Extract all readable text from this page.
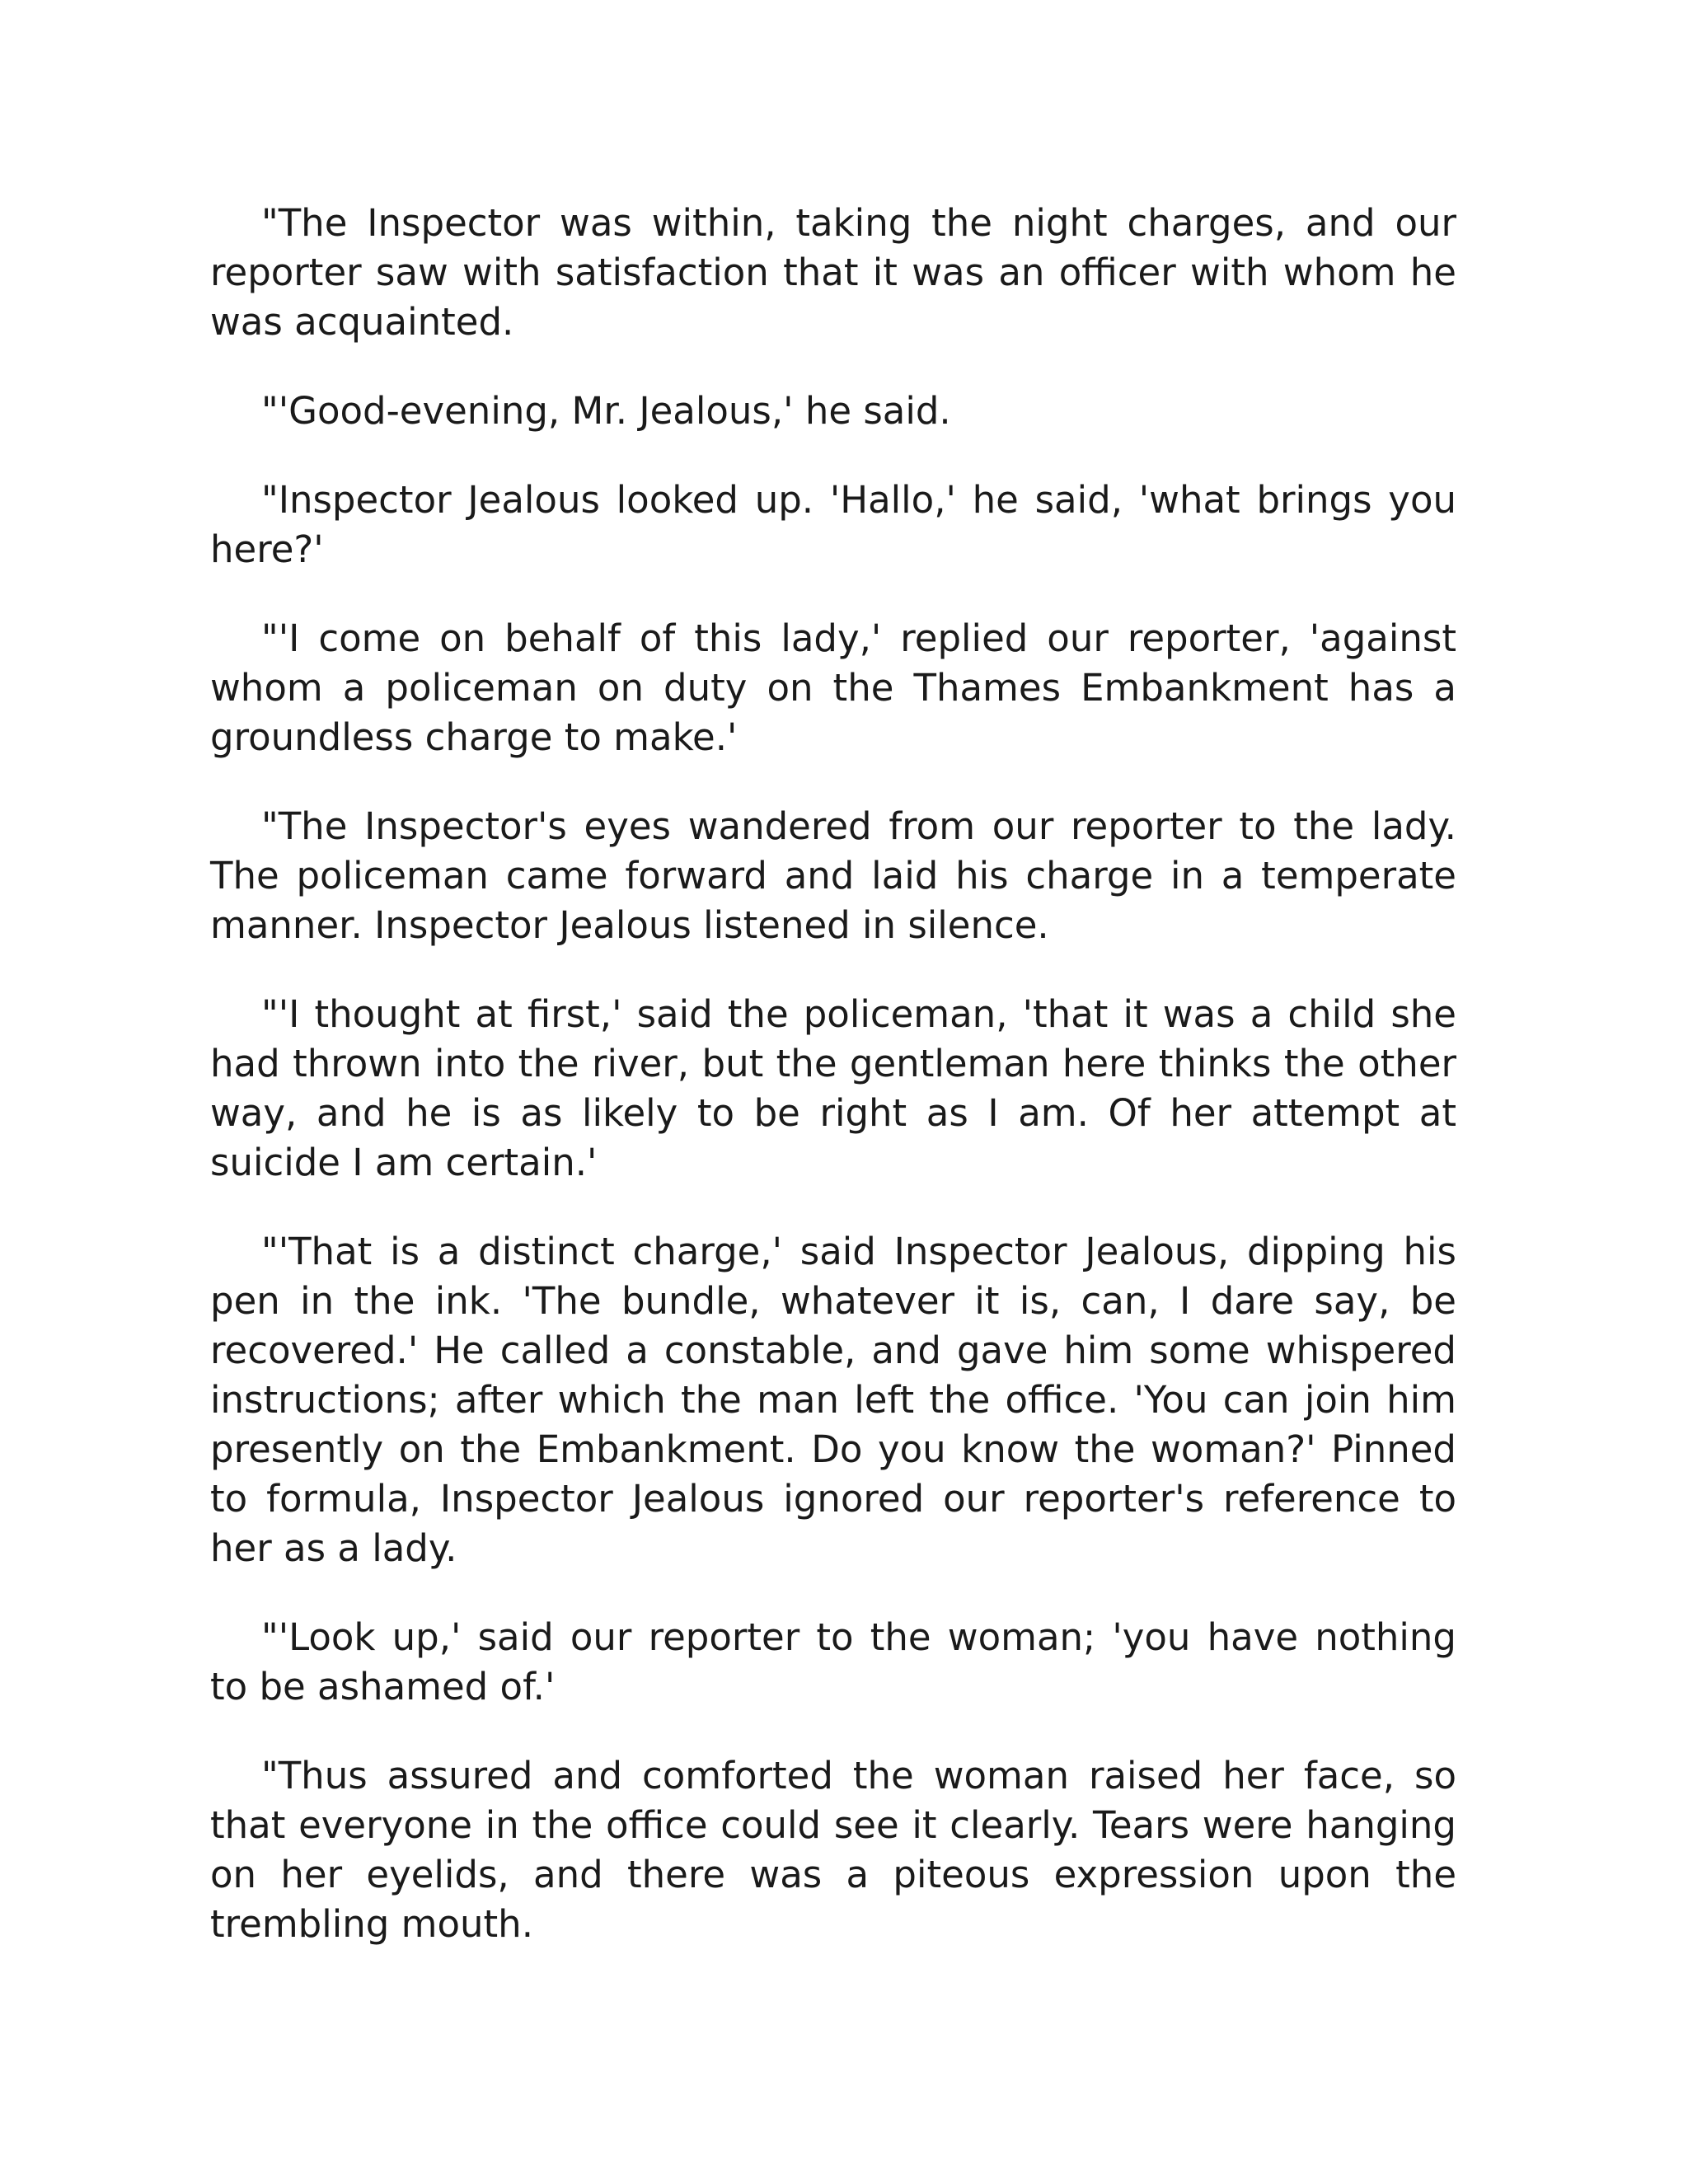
"The Inspector was within, taking the night charges, and our reporter saw with satisfaction that it was an officer with whom he was acquainted.

"'Good-evening, Mr. Jealous,' he said.

"Inspector Jealous looked up. 'Hallo,' he said, 'what brings you here?'

"'I come on behalf of this lady,' replied our reporter, 'against whom a policeman on duty on the Thames Embankment has a groundless charge to make.'

"The Inspector's eyes wandered from our reporter to the lady. The policeman came forward and laid his charge in a temperate manner. Inspector Jealous listened in silence.

"'I thought at first,' said the policeman, 'that it was a child she had thrown into the river, but the gentleman here thinks the other way, and he is as likely to be right as I am. Of her attempt at suicide I am certain.'

"'That is a distinct charge,' said Inspector Jealous, dipping his pen in the ink. 'The bundle, whatever it is, can, I dare say, be recovered.' He called a constable, and gave him some whispered instructions; after which the man left the office. 'You can join him presently on the Embankment. Do you know the woman?' Pinned to formula, Inspector Jealous ignored our reporter's reference to her as a lady.

"'Look up,' said our reporter to the woman; 'you have nothing to be ashamed of.'

"Thus assured and comforted the woman raised her face, so that everyone in the office could see it clearly. Tears were hanging on her eyelids, and there was a piteous expression upon the trembling mouth.
